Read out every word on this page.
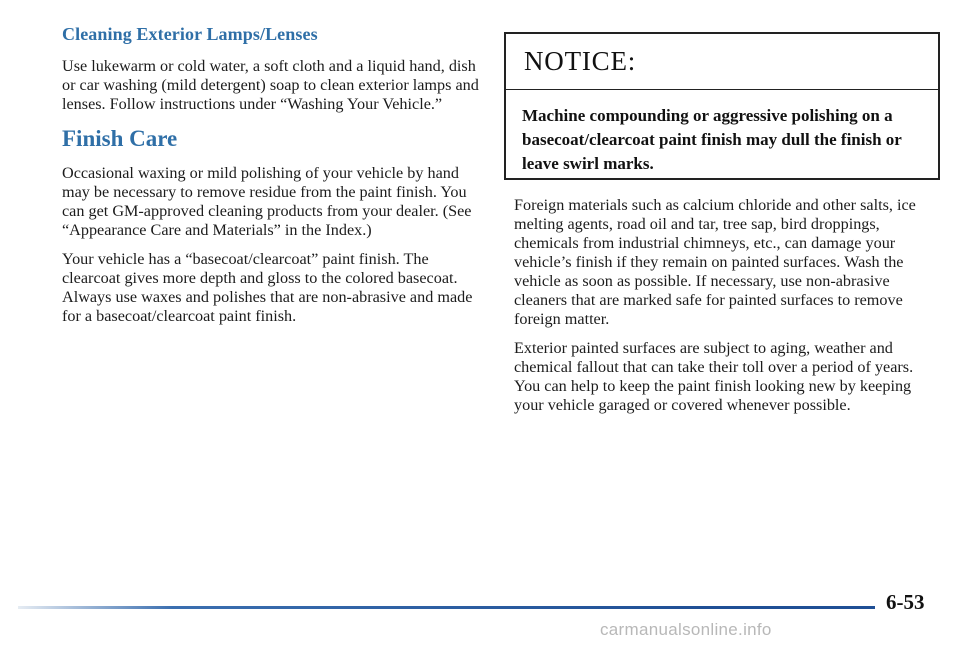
Cleaning Exterior Lamps/Lenses

Use lukewarm or cold water, a soft cloth and a liquid hand, dish or car washing (mild detergent) soap to clean exterior lamps and lenses. Follow instructions under “Washing Your Vehicle.”

Finish Care

Occasional waxing or mild polishing of your vehicle by hand may be necessary to remove residue from the paint finish. You can get GM-approved cleaning products from your dealer. (See “Appearance Care and Materials” in the Index.)

Your vehicle has a “basecoat/clearcoat” paint finish. The clearcoat gives more depth and gloss to the colored basecoat. Always use waxes and polishes that are non-abrasive and made for a basecoat/clearcoat paint finish.

NOTICE:
Machine compounding or aggressive polishing on a basecoat/clearcoat paint finish may dull the finish or leave swirl marks.

Foreign materials such as calcium chloride and other salts, ice melting agents, road oil and tar, tree sap, bird droppings, chemicals from industrial chimneys, etc., can damage your vehicle’s finish if they remain on painted surfaces. Wash the vehicle as soon as possible. If necessary, use non-abrasive cleaners that are marked safe for painted surfaces to remove foreign matter.

Exterior painted surfaces are subject to aging, weather and chemical fallout that can take their toll over a period of years. You can help to keep the paint finish looking new by keeping your vehicle garaged or covered whenever possible.

6-53
carmanualsonline.info
